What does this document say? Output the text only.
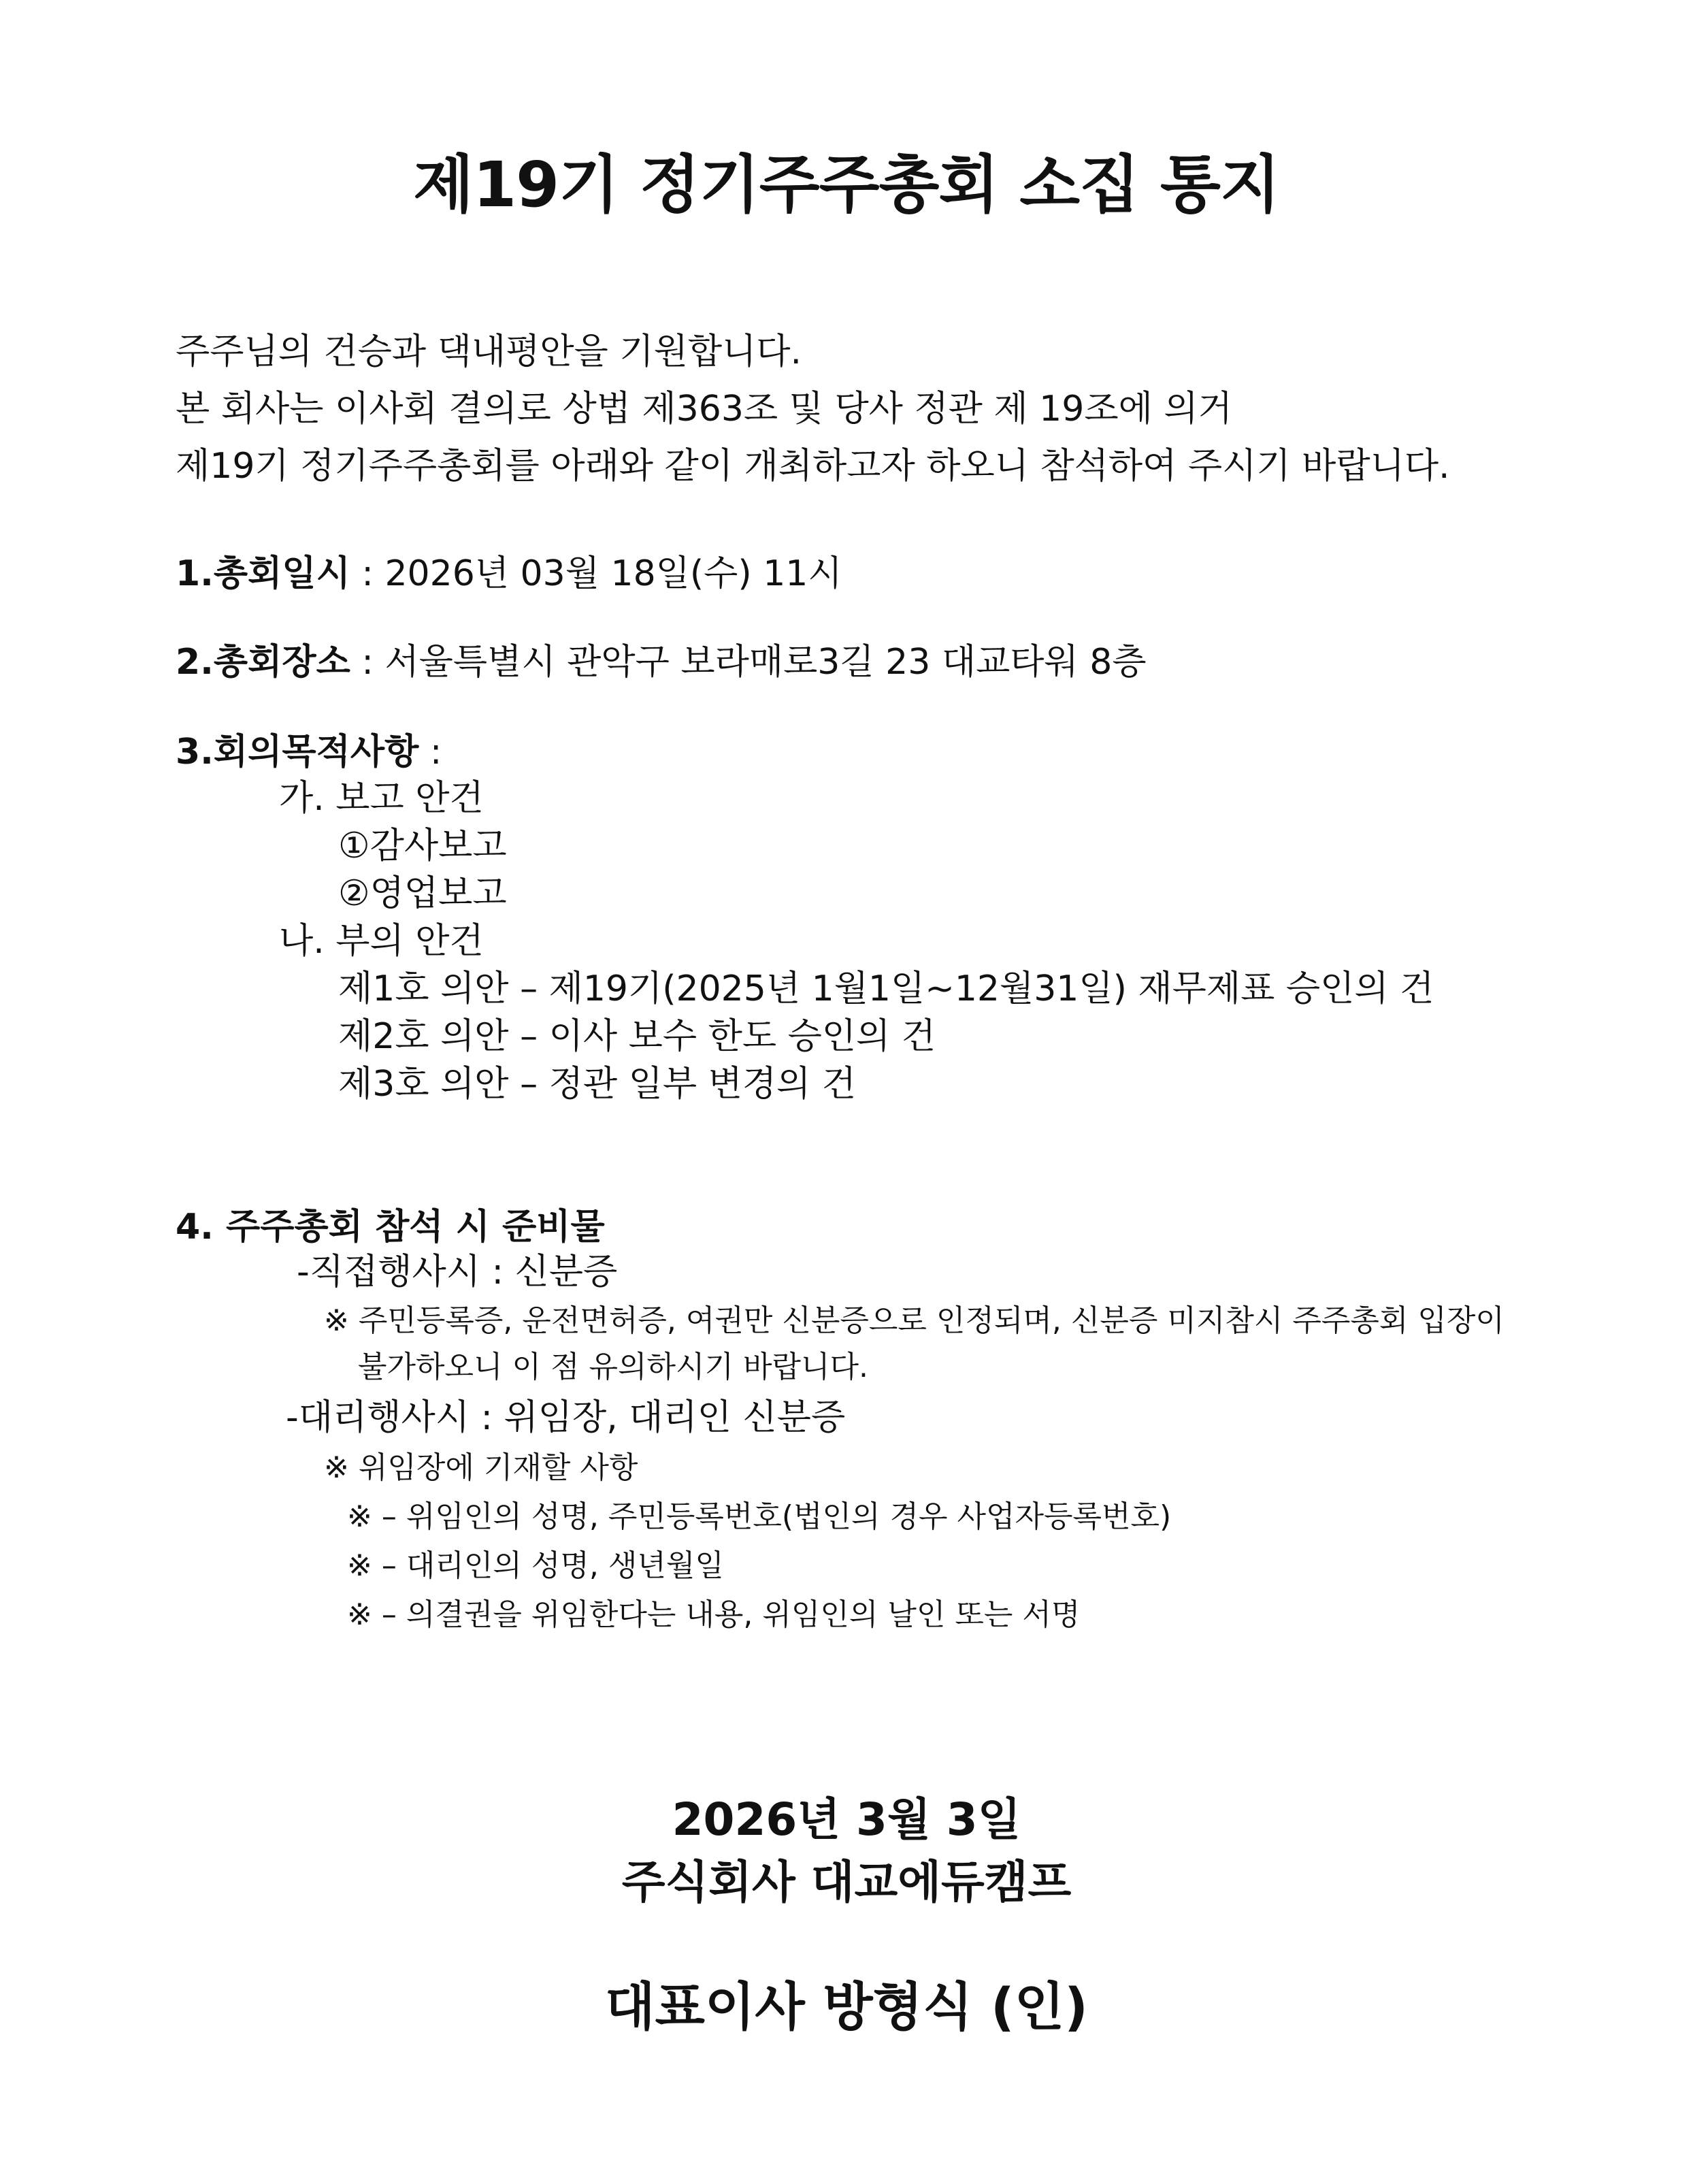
제19기 정기주주총회 소집 통지
주주님의 건승과 댁내평안을 기원합니다.
본 회사는 이사회 결의로 상법 제363조 및 당사 정관 제 19조에 의거
제19기 정기주주총회를 아래와 같이 개최하고자 하오니 참석하여 주시기 바랍니다.
1.총회일시 : 2026년 03월 18일(수) 11시
2.총회장소 : 서울특별시 관악구 보라매로3길 23 대교타워 8층
3.회의목적사항 :
가. 보고 안건
①감사보고
②영업보고
나. 부의 안건
제1호 의안 – 제19기(2025년 1월1일~12월31일) 재무제표 승인의 건
제2호 의안 – 이사 보수 한도 승인의 건
제3호 의안 – 정관 일부 변경의 건
4. 주주총회 참석 시 준비물
-직접행사시 : 신분증
※ 주민등록증, 운전면허증, 여권만 신분증으로 인정되며, 신분증 미지참시 주주총회 입장이
불가하오니 이 점 유의하시기 바랍니다.
-대리행사시 : 위임장, 대리인 신분증
※ 위임장에 기재할 사항
※ – 위임인의 성명, 주민등록번호(법인의 경우 사업자등록번호)
※ – 대리인의 성명, 생년월일
※ – 의결권을 위임한다는 내용, 위임인의 날인 또는 서명
2026년 3월 3일
주식회사 대교에듀캠프
대표이사 방형식 (인)
